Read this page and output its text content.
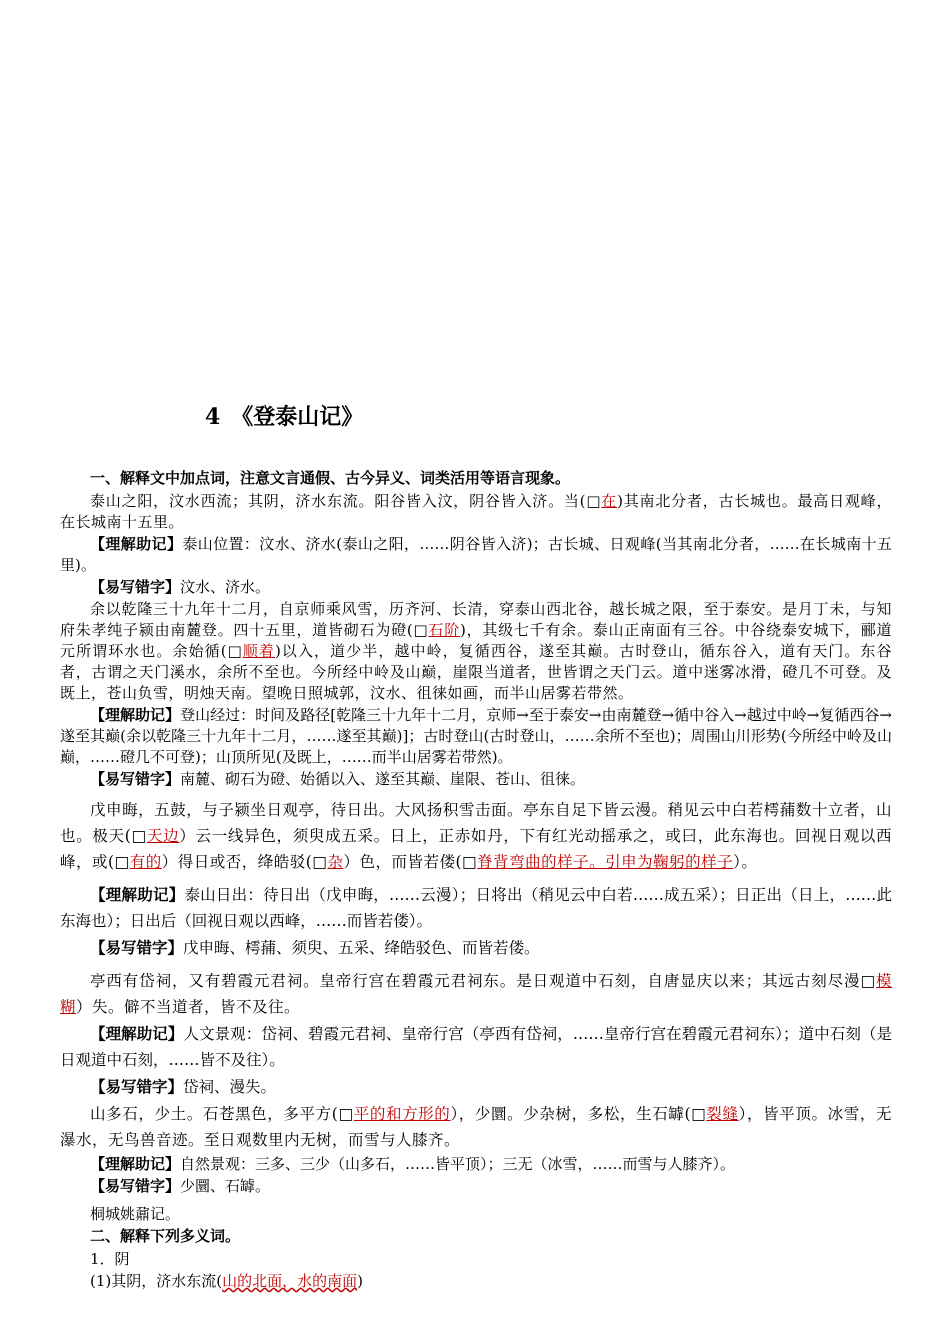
4　《登泰山记》
一、解释文中加点词，注意文言通假、古今异义、词类活用等语言现象。
泰山之阳，汶水西流；其阴，济水东流。阳谷皆入汶，阴谷皆入济。当(□在)其南北分者，古长城也。最高日观峰，在长城南十五里。
【理解助记】泰山位置：汶水、济水(泰山之阳，……阴谷皆入济)；古长城、日观峰(当其南北分者，……在长城南十五里)。
【易写错字】汶水、济水。
余以乾隆三十九年十二月，自京师乘风雪，历齐河、长清，穿泰山西北谷，越长城之限，至于泰安。是月丁未，与知府朱孝纯子颍由南麓登。四十五里，道皆砌石为磴(□石阶)，其级七千有余。泰山正南面有三谷。中谷绕泰安城下，郦道元所谓环水也。余始循(□顺着)以入，道少半，越中岭，复循西谷，遂至其巅。古时登山，循东谷入，道有天门。东谷者，古谓之天门溪水，余所不至也。今所经中岭及山巅，崖限当道者，世皆谓之天门云。道中迷雾冰滑，磴几不可登。及既上，苍山负雪，明烛天南。望晚日照城郭，汶水、徂徕如画，而半山居雾若带然。
【理解助记】登山经过：时间及路径[乾隆三十九年十二月，京师→至于泰安→由南麓登→循中谷入→越过中岭→复循西谷→遂至其巅(余以乾隆三十九年十二月，……遂至其巅)]；古时登山(古时登山，……余所不至也)；周围山川形势(今所经中岭及山巅，……磴几不可登)；山顶所见(及既上，……而半山居雾若带然)。
【易写错字】南麓、砌石为磴、始循以入、遂至其巅、崖限、苍山、徂徕。
戊申晦，五鼓，与子颍坐日观亭，待日出。大风扬积雪击面。亭东自足下皆云漫。稍见云中白若樗蒱数十立者，山也。极天(□天边）云一线异色，须臾成五采。日上，正赤如丹，下有红光动摇承之，或曰，此东海也。回视日观以西峰，或(□有的）得日或否，绛皓驳(□杂）色，而皆若偻(□脊背弯曲的样子。引申为鞠躬的样子）。
【理解助记】泰山日出：待日出（戊申晦，……云漫）；日将出（稍见云中白若……成五采）；日正出（日上，……此东海也）；日出后（回视日观以西峰，……而皆若偻）。
【易写错字】戊申晦、樗蒱、须臾、五采、绛皓驳色、而皆若偻。
亭西有岱祠，又有碧霞元君祠。皇帝行宫在碧霞元君祠东。是日观道中石刻，自唐显庆以来；其远古刻尽漫□模糊）失。僻不当道者，皆不及往。
【理解助记】人文景观：岱祠、碧霞元君祠、皇帝行宫（亭西有岱祠，……皇帝行宫在碧霞元君祠东）；道中石刻（是日观道中石刻，……皆不及往）。
【易写错字】岱祠、漫失。
山多石，少土。石苍黑色，多平方(□平的和方形的），少圜。少杂树，多松，生石罅(□裂缝），皆平顶。冰雪，无瀑水，无鸟兽音迹。至日观数里内无树，而雪与人膝齐。
【理解助记】自然景观：三多、三少（山多石，……皆平顶）；三无（冰雪，……而雪与人膝齐）。
【易写错字】少圜、石罅。
桐城姚鼐记。
二、解释下列多义词。
1．阴
(1)其阴，济水东流(山的北面，水的南面)
